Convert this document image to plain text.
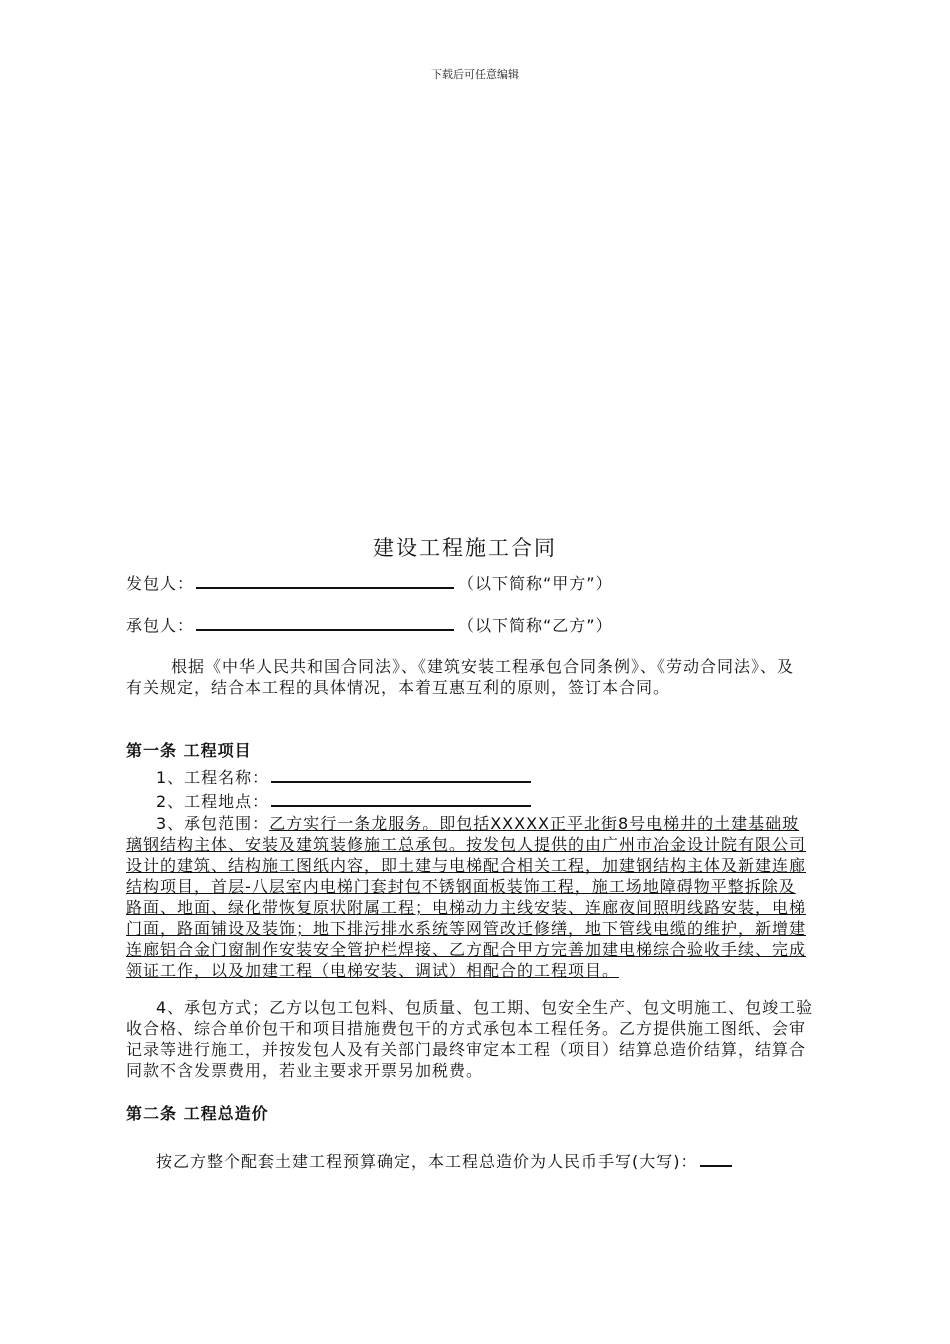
下载后可任意编辑
建设工程施工合同
发包人：	（以下简称“甲方”）
承包人：	（以下简称“乙方”）
根据《中华人民共和国合同法》、《建筑安装工程承包合同条例》、《劳动合同法》、及有关规定，结合本工程的具体情况，本着互惠互利的原则，签订本合同。
第一条 工程项目
1、工程名称：
2、工程地点：
3、承包范围：乙方实行一条龙服务。即包括XXXXX正平北街8号电梯井的土建基础玻璃钢结构主体、安装及建筑装修施工总承包。按发包人提供的由广州市冶金设计院有限公司设计的建筑、结构施工图纸内容，即土建与电梯配合相关工程，加建钢结构主体及新建连廊结构项目，首层-八层室内电梯门套封包不锈钢面板装饰工程，施工场地障碍物平整拆除及路面、地面、绿化带恢复原状附属工程；电梯动力主线安装、连廊夜间照明线路安装，电梯门面，路面铺设及装饰；地下排污排水系统等网管改迁修缮，地下管线电缆的维护，新增建连廊铝合金门窗制作安装安全管护栏焊接、乙方配合甲方完善加建电梯综合验收手续、完成领证工作，以及加建工程（电梯安装、调试）相配合的工程项目。
4、承包方式；乙方以包工包料、包质量、包工期、包安全生产、包文明施工、包竣工验收合格、综合单价包干和项目措施费包干的方式承包本工程任务。乙方提供施工图纸、会审记录等进行施工，并按发包人及有关部门最终审定本工程（项目）结算总造价结算，结算合同款不含发票费用，若业主要求开票另加税费。
第二条 工程总造价
按乙方整个配套土建工程预算确定，本工程总造价为人民币手写(大写)：
